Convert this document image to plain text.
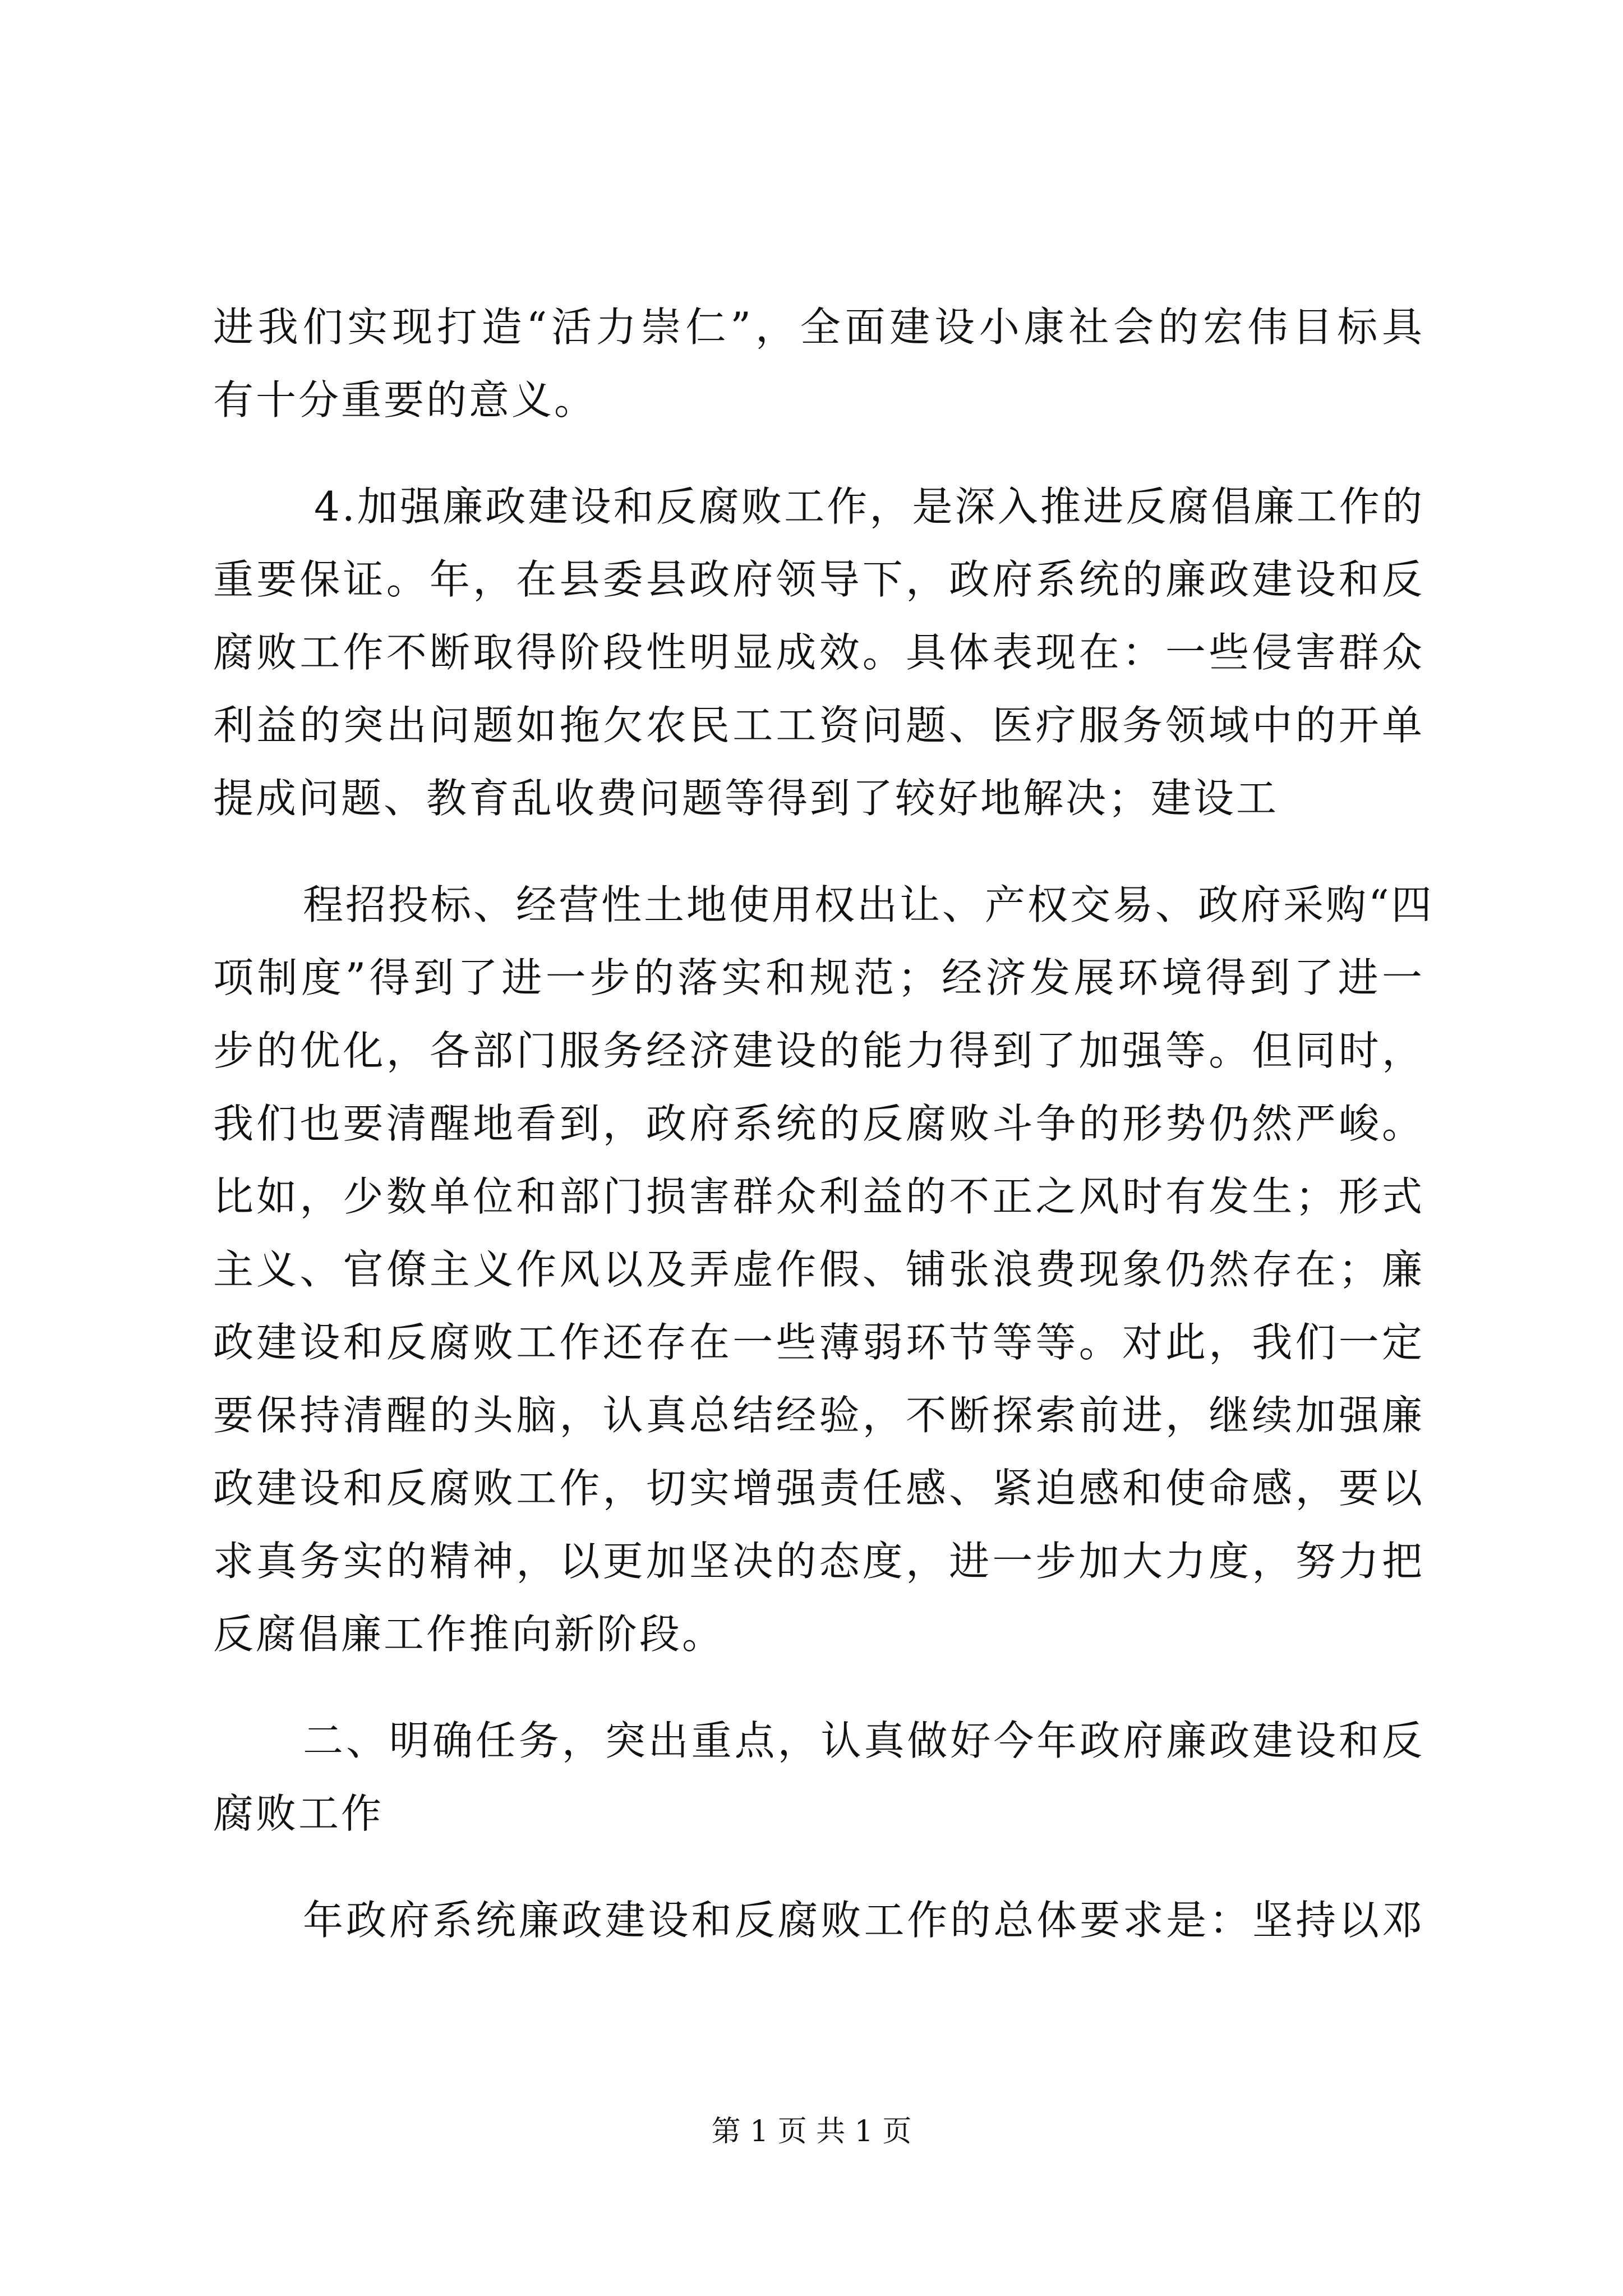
进我们实现打造“活力崇仁”，全面建设小康社会的宏伟目标具
有十分重要的意义。
4.加强廉政建设和反腐败工作，是深入推进反腐倡廉工作的
重要保证。年，在县委县政府领导下，政府系统的廉政建设和反
腐败工作不断取得阶段性明显成效。具体表现在：一些侵害群众
利益的突出问题如拖欠农民工工资问题、医疗服务领域中的开单
提成问题、教育乱收费问题等得到了较好地解决；建设工
程招投标、经营性土地使用权出让、产权交易、政府采购“四
项制度”得到了进一步的落实和规范；经济发展环境得到了进一
步的优化，各部门服务经济建设的能力得到了加强等。但同时，
我们也要清醒地看到，政府系统的反腐败斗争的形势仍然严峻。
比如，少数单位和部门损害群众利益的不正之风时有发生；形式
主义、官僚主义作风以及弄虚作假、铺张浪费现象仍然存在；廉
政建设和反腐败工作还存在一些薄弱环节等等。对此，我们一定
要保持清醒的头脑，认真总结经验，不断探索前进，继续加强廉
政建设和反腐败工作，切实增强责任感、紧迫感和使命感，要以
求真务实的精神，以更加坚决的态度，进一步加大力度，努力把
反腐倡廉工作推向新阶段。
二、明确任务，突出重点，认真做好今年政府廉政建设和反
腐败工作
年政府系统廉政建设和反腐败工作的总体要求是：坚持以邓
第 1 页 共 1 页
